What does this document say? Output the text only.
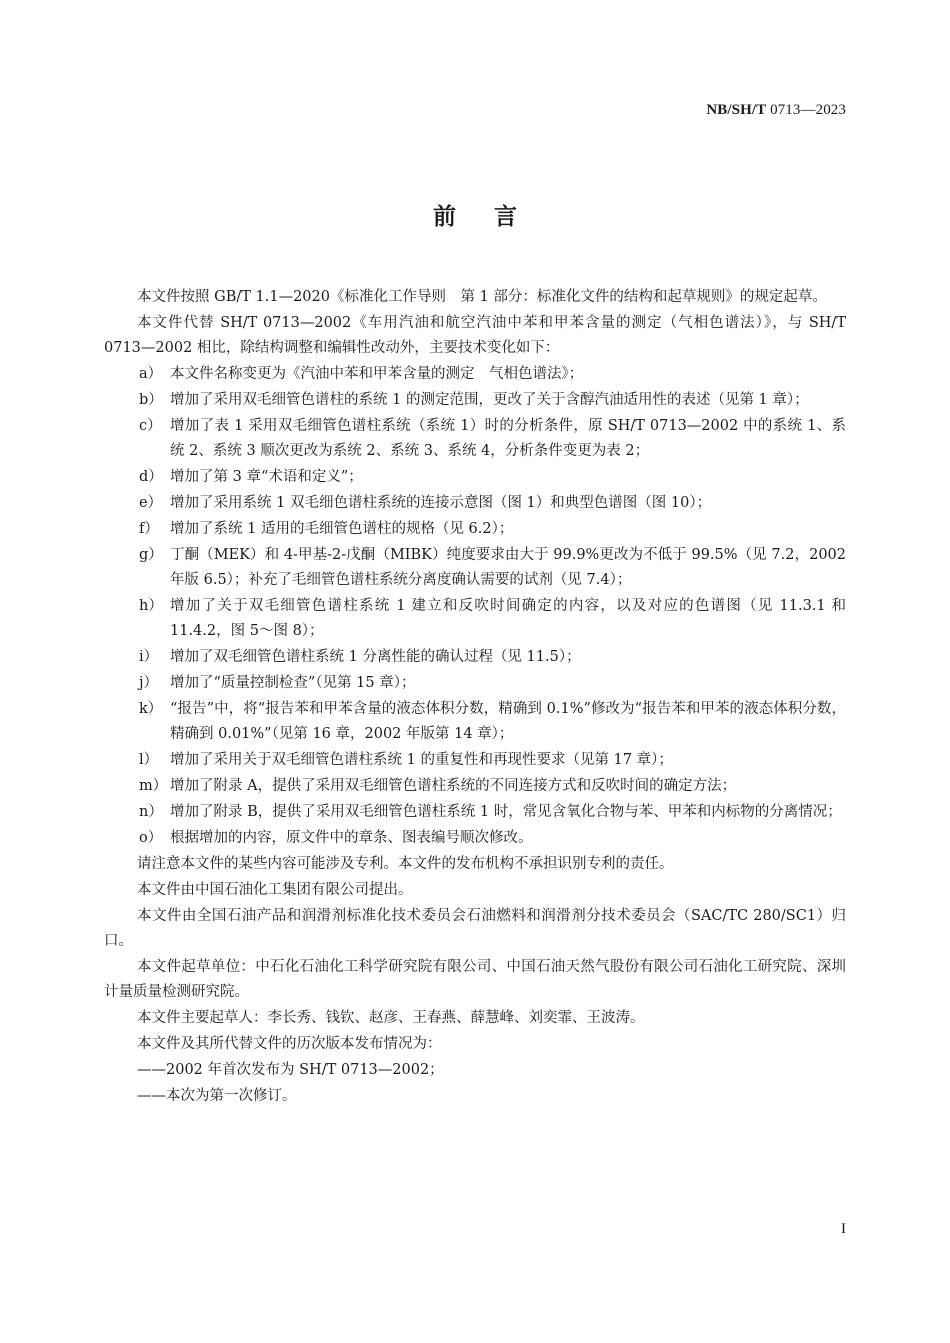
NB/SH/T 0713—2023
前言

本文件按照 GB/T 1.1—2020《标准化工作导则　第 1 部分：标准化文件的结构和起草规则》的规定起草。

本文件代替 SH/T 0713—2002《车用汽油和航空汽油中苯和甲苯含量的测定（气相色谱法）》，与 SH/T 0713—2002 相比，除结构调整和编辑性改动外，主要技术变化如下：

a） 本文件名称变更为《汽油中苯和甲苯含量的测定　气相色谱法》；
b） 增加了采用双毛细管色谱柱的系统 1 的测定范围，更改了关于含醇汽油适用性的表述（见第 1 章）；
c） 增加了表 1 采用双毛细管色谱柱系统（系统 1）时的分析条件，原 SH/T 0713—2002 中的系统 1、系统 2、系统 3 顺次更改为系统 2、系统 3、系统 4，分析条件变更为表 2；
d） 增加了第 3 章“术语和定义”；
e） 增加了采用系统 1 双毛细色谱柱系统的连接示意图（图 1）和典型色谱图（图 10）；
f） 增加了系统 1 适用的毛细管色谱柱的规格（见 6.2）；
g） 丁酮（MEK）和 4-甲基-2-戊酮（MIBK）纯度要求由大于 99.9%更改为不低于 99.5%（见 7.2，2002 年版 6.5）；补充了毛细管色谱柱系统分离度确认需要的试剂（见 7.4）；
h） 增加了关于双毛细管色谱柱系统 1 建立和反吹时间确定的内容，以及对应的色谱图（见 11.3.1 和 11.4.2，图 5～图 8）；
i） 增加了双毛细管色谱柱系统 1 分离性能的确认过程（见 11.5）；
j） 增加了“质量控制检查”（见第 15 章）；
k） “报告”中，将“报告苯和甲苯含量的液态体积分数，精确到 0.1%”修改为“报告苯和甲苯的液态体积分数，精确到 0.01%”（见第 16 章，2002 年版第 14 章）；
l） 增加了采用关于双毛细管色谱柱系统 1 的重复性和再现性要求（见第 17 章）；
m） 增加了附录 A，提供了采用双毛细管色谱柱系统的不同连接方式和反吹时间的确定方法；
n） 增加了附录 B，提供了采用双毛细管色谱柱系统 1 时，常见含氧化合物与苯、甲苯和内标物的分离情况；
o） 根据增加的内容，原文件中的章条、图表编号顺次修改。

请注意本文件的某些内容可能涉及专利。本文件的发布机构不承担识别专利的责任。

本文件由中国石油化工集团有限公司提出。

本文件由全国石油产品和润滑剂标准化技术委员会石油燃料和润滑剂分技术委员会（SAC/TC 280/SC1）归口。

本文件起草单位：中石化石油化工科学研究院有限公司、中国石油天然气股份有限公司石油化工研究院、深圳计量质量检测研究院。

本文件主要起草人：李长秀、钱钦、赵彦、王春燕、薛慧峰、刘奕霏、王波涛。

本文件及其所代替文件的历次版本发布情况为：

——2002 年首次发布为 SH/T 0713—2002；

——本次为第一次修订。

I
